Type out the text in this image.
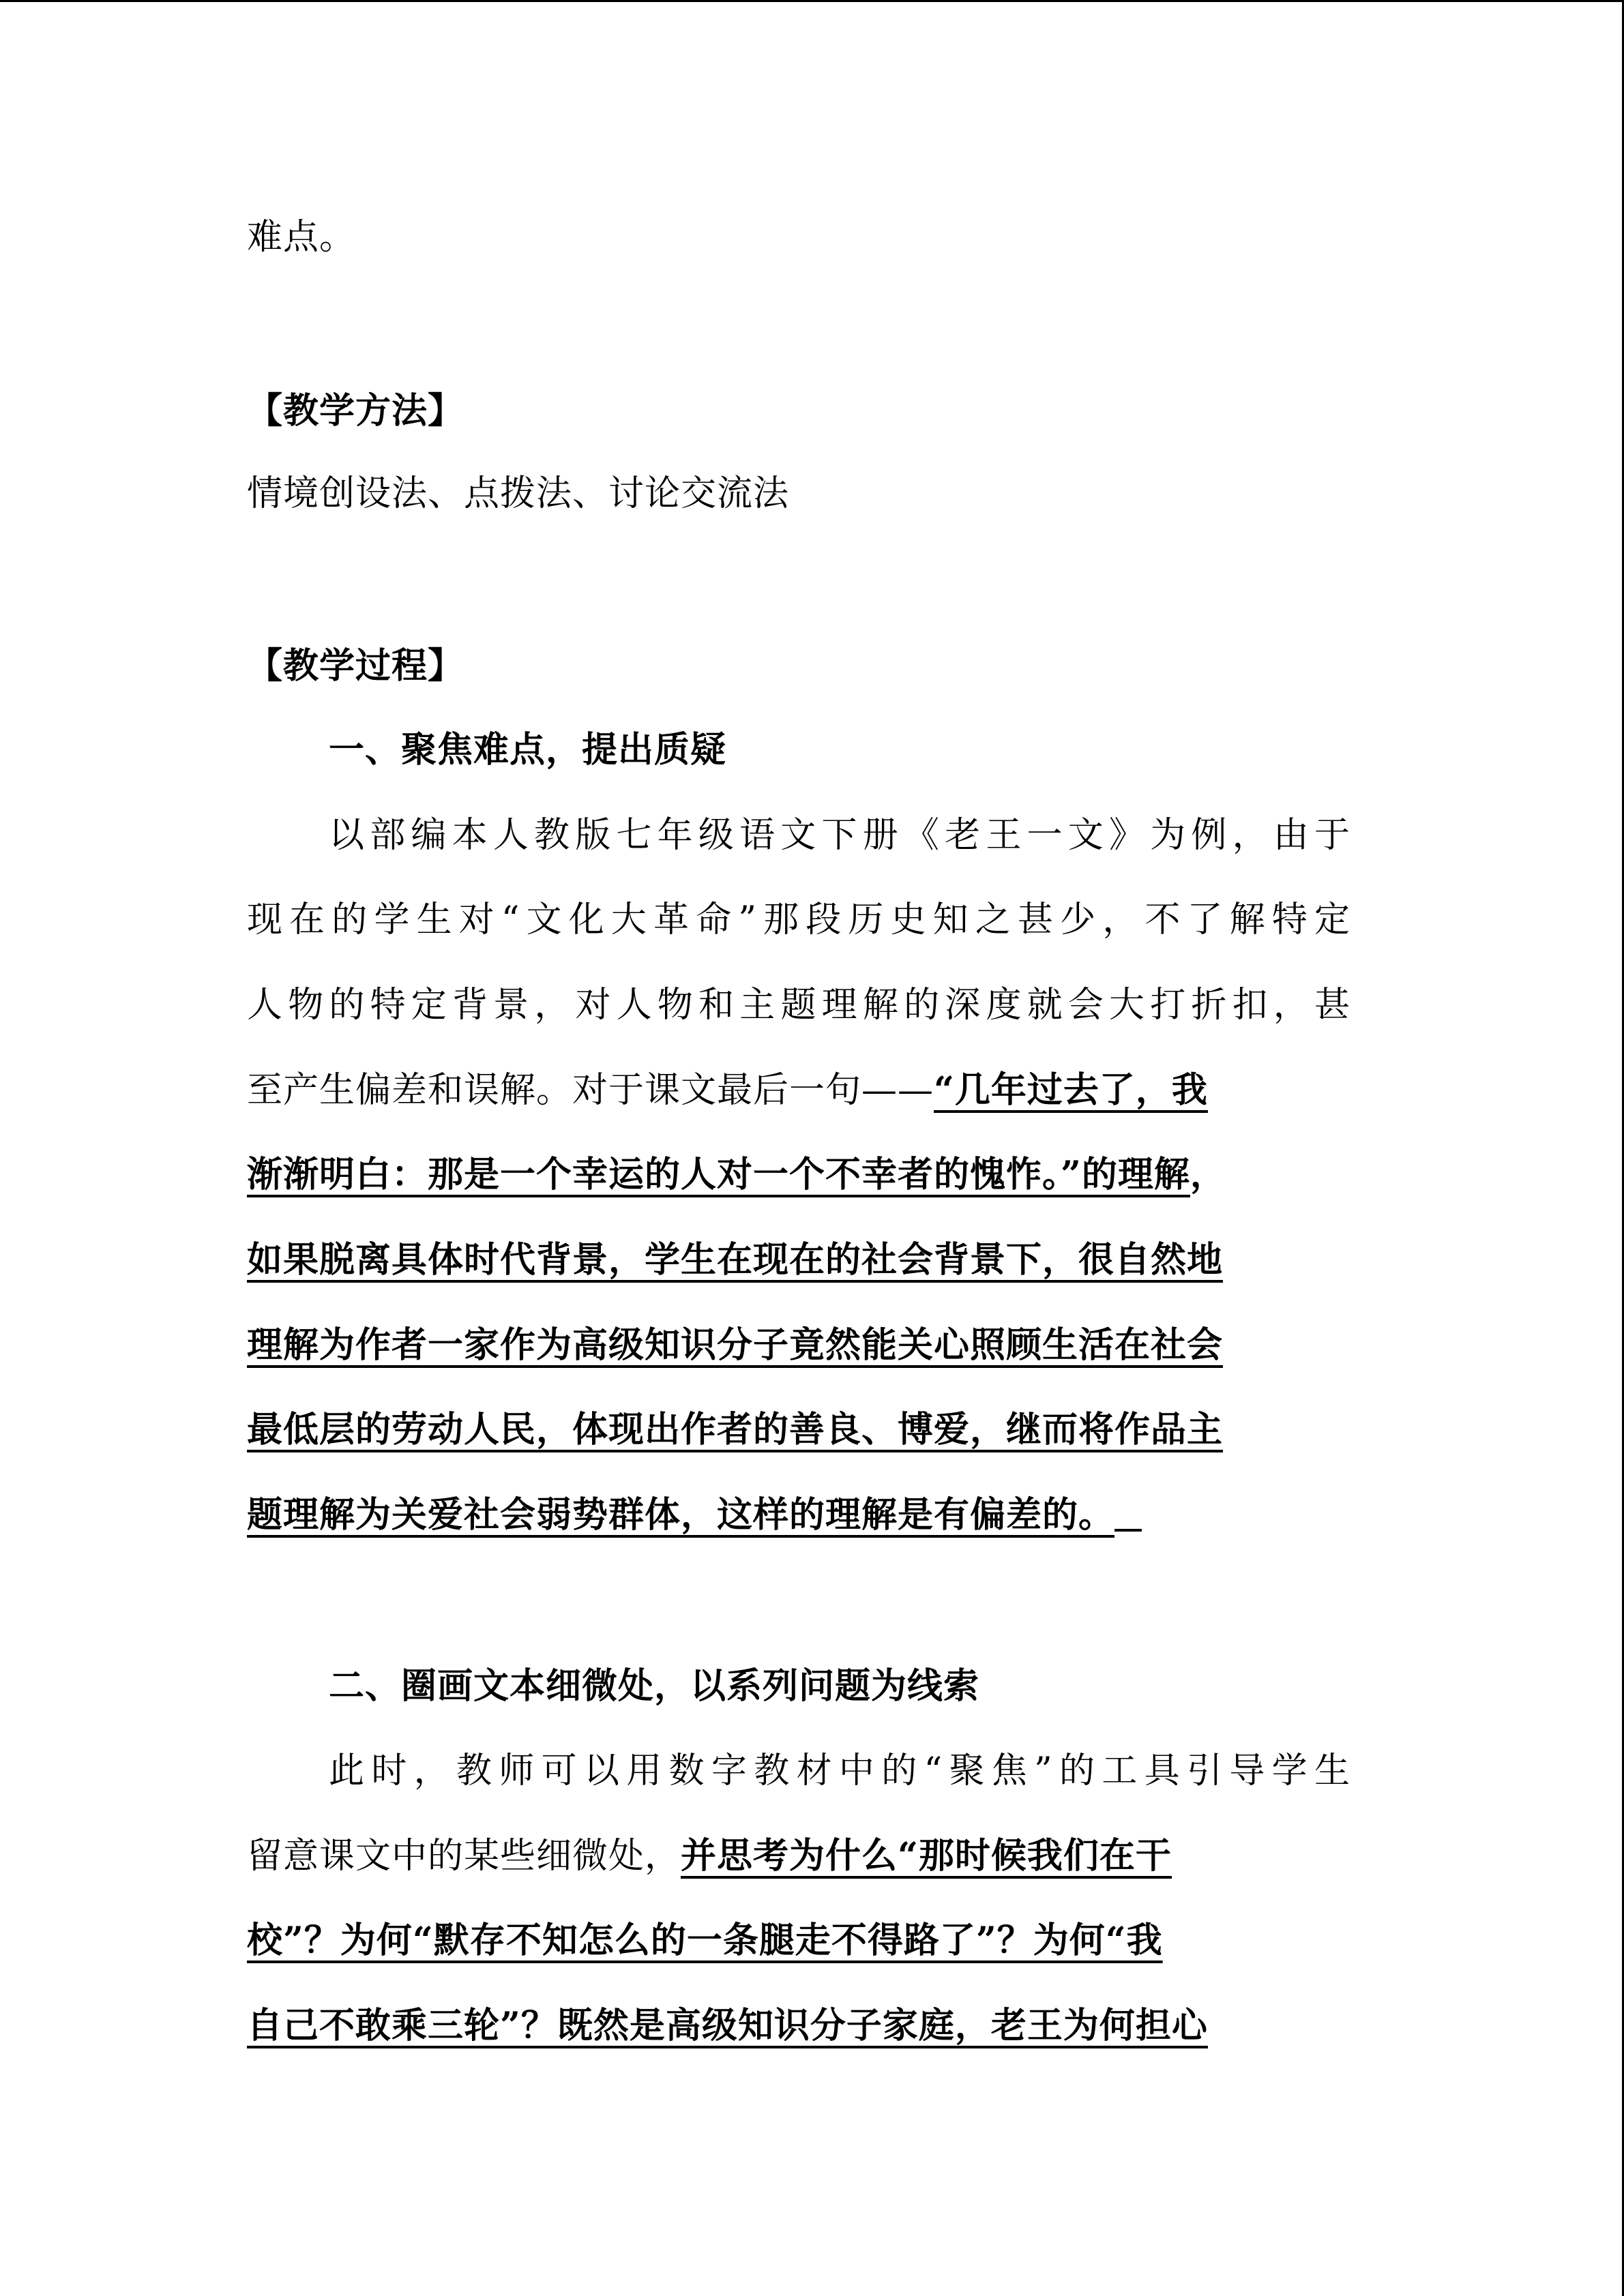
难点。
【教学方法】
情境创设法、点拨法、讨论交流法
【教学过程】
一、聚焦难点，提出质疑
以部编本人教版七年级语文下册《老王一文》为例，由于
现在的学生对“文化大革命”那段历史知之甚少，不了解特定
人物的特定背景，对人物和主题理解的深度就会大打折扣，甚
至产生偏差和误解。对于课文最后一句——“几年过去了，我
渐渐明白：那是一个幸运的人对一个不幸者的愧怍。”的理解，
如果脱离具体时代背景，学生在现在的社会背景下，很自然地
理解为作者一家作为高级知识分子竟然能关心照顾生活在社会
最低层的劳动人民，体现出作者的善良、博爱，继而将作品主
题理解为关爱社会弱势群体，这样的理解是有偏差的。
二、圈画文本细微处，以系列问题为线索
此时，教师可以用数字教材中的“聚焦”的工具引导学生
留意课文中的某些细微处，并思考为什么“那时候我们在干
校”？为何“默存不知怎么的一条腿走不得路了”？为何“我
自己不敢乘三轮”？既然是高级知识分子家庭，老王为何担心
